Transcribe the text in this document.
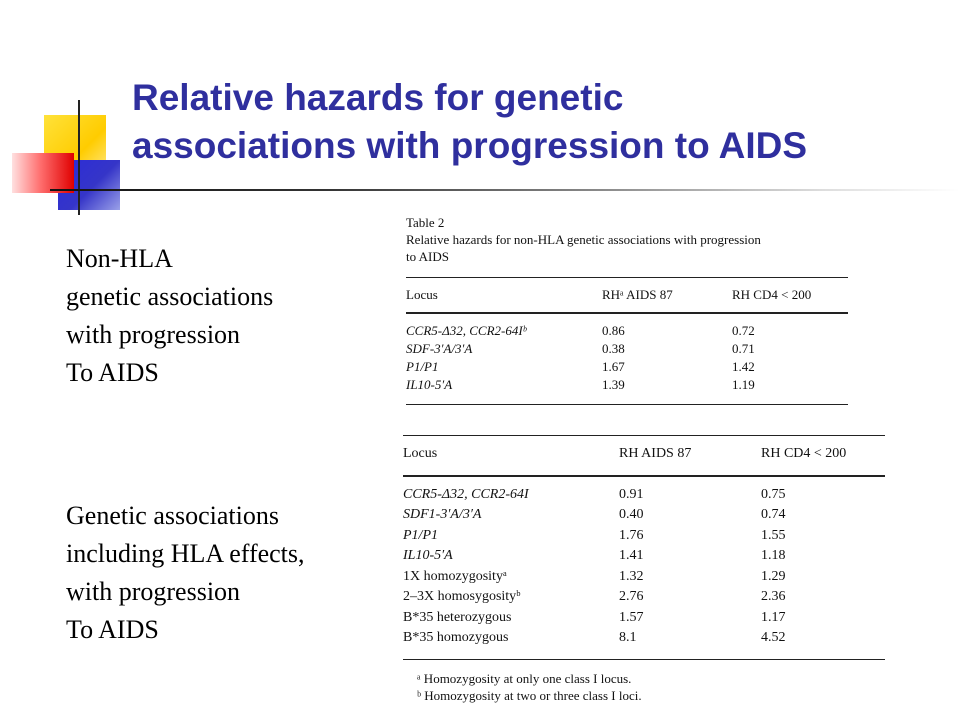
Relative hazards for genetic
associations with progression to AIDS
Non-HLA
genetic associations
with progression
To AIDS
Genetic associations
including HLA effects,
with progression
To AIDS
Table 2
Relative hazards for non-HLA genetic associations with progression
to AIDS
Locus	RHᵃ AIDS 87	RH CD4 < 200
CCR5-Δ32, CCR2-64Iᵇ	0.86	0.72
SDF-3′A/3′A	0.38	0.71
P1/P1	1.67	1.42
IL10-5′A	1.39	1.19
Locus	RH AIDS 87	RH CD4 < 200
CCR5-Δ32, CCR2-64I	0.91	0.75
SDF1-3′A/3′A	0.40	0.74
P1/P1	1.76	1.55
IL10-5′A	1.41	1.18
1X homozygosityᵃ	1.32	1.29
2–3X homosygosityᵇ	2.76	2.36
B*35 heterozygous	1.57	1.17
B*35 homozygous	8.1	4.52
ᵃ Homozygosity at only one class I locus.
ᵇ Homozygosity at two or three class I loci.
